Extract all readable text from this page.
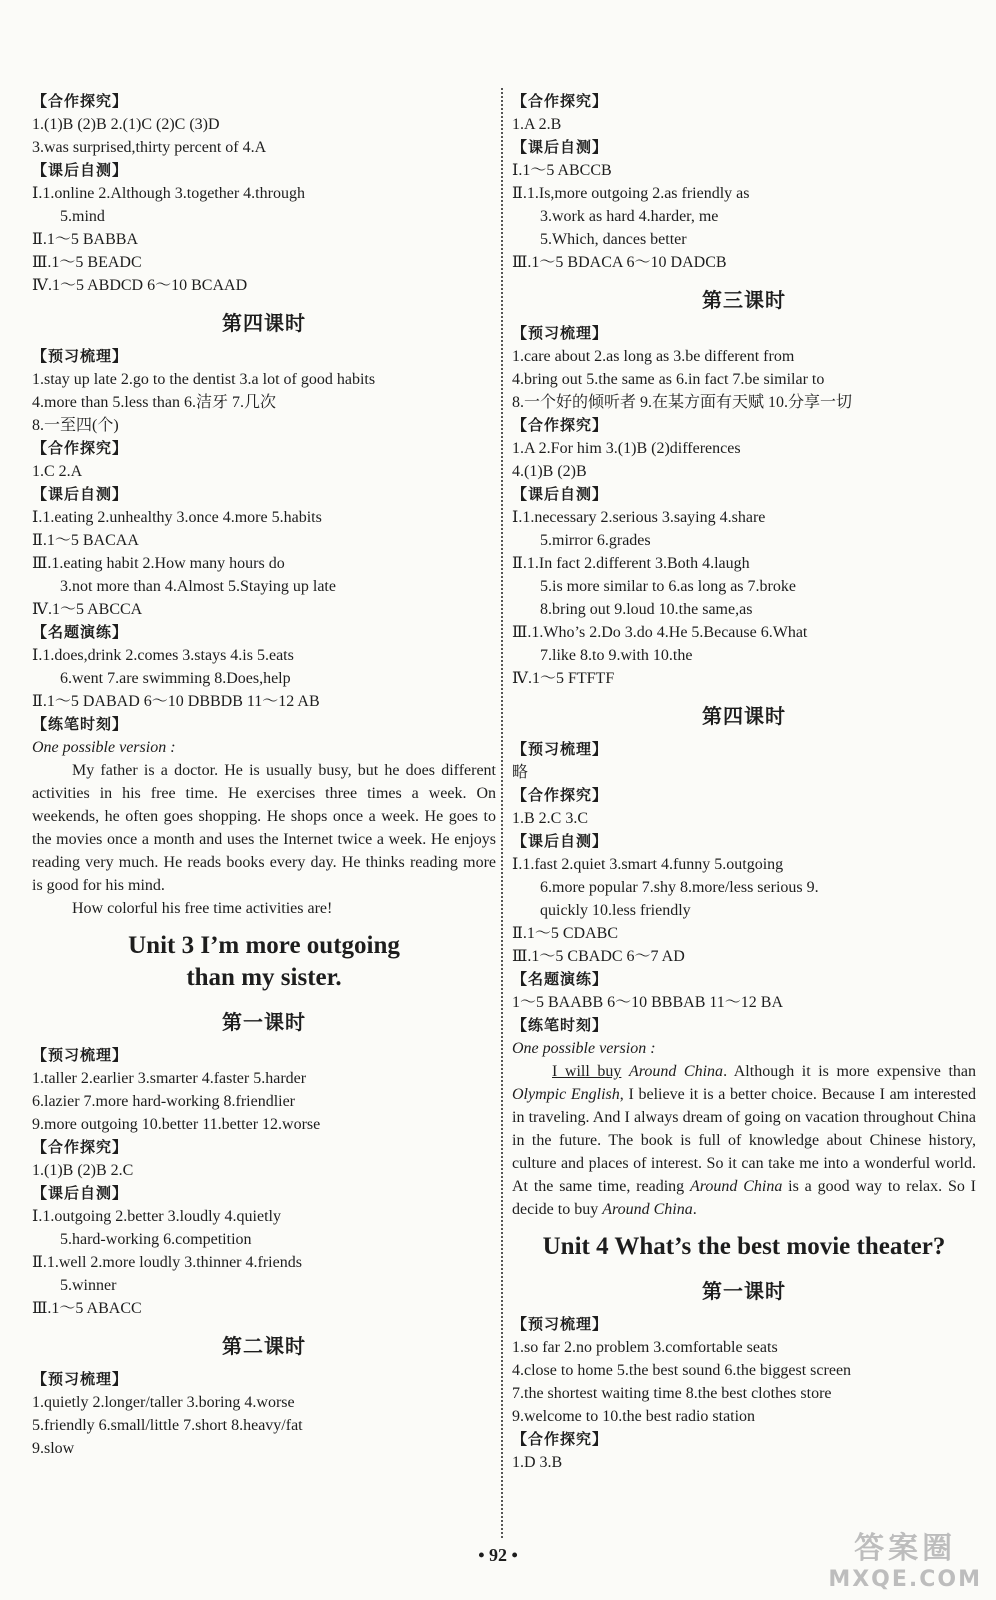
【合作探究】
1.(1)B (2)B 2.(1)C (2)C (3)D
3.was surprised,thirty percent of 4.A
【课后自测】
Ⅰ.1.online 2.Although 3.together 4.through
5.mind
Ⅱ.1～5 BABBA
Ⅲ.1～5 BEADC
Ⅳ.1～5 ABDCD 6～10 BCAAD
第四课时
【预习梳理】
1.stay up late 2.go to the dentist 3.a lot of good habits
4.more than 5.less than 6.洁牙 7.几次
8.一至四(个)
【合作探究】
1.C 2.A
【课后自测】
Ⅰ.1.eating 2.unhealthy 3.once 4.more 5.habits
Ⅱ.1～5 BACAA
Ⅲ.1.eating habit 2.How many hours do
3.not more than 4.Almost 5.Staying up late
Ⅳ.1～5 ABCCA
【名题演练】
Ⅰ.1.does,drink 2.comes 3.stays 4.is 5.eats
6.went 7.are swimming 8.Does,help
Ⅱ.1～5 DABAD 6～10 DBBDB 11～12 AB
【练笔时刻】
One possible version :
My father is a doctor. He is usually busy, but he does different activities in his free time. He exercises three times a week. On weekends, he often goes shopping. He shops once a week. He goes to the movies once a month and uses the Internet twice a week. He enjoys reading very much. He reads books every day. He thinks reading more is good for his mind.
How colorful his free time activities are!
Unit 3 I’m more outgoing
than my sister.
第一课时
【预习梳理】
1.taller 2.earlier 3.smarter 4.faster 5.harder
6.lazier 7.more hard-working 8.friendlier
9.more outgoing 10.better 11.better 12.worse
【合作探究】
1.(1)B (2)B 2.C
【课后自测】
Ⅰ.1.outgoing 2.better 3.loudly 4.quietly
5.hard-working 6.competition
Ⅱ.1.well 2.more loudly 3.thinner 4.friends
5.winner
Ⅲ.1～5 ABACC
第二课时
【预习梳理】
1.quietly 2.longer/taller 3.boring 4.worse
5.friendly 6.small/little 7.short 8.heavy/fat
9.slow
【合作探究】
1.A 2.B
【课后自测】
Ⅰ.1～5 ABCCB
Ⅱ.1.Is,more outgoing 2.as friendly as
3.work as hard 4.harder, me
5.Which, dances better
Ⅲ.1～5 BDACA 6～10 DADCB
第三课时
【预习梳理】
1.care about 2.as long as 3.be different from
4.bring out 5.the same as 6.in fact 7.be similar to
8.一个好的倾听者 9.在某方面有天赋 10.分享一切
【合作探究】
1.A 2.For him 3.(1)B (2)differences
4.(1)B (2)B
【课后自测】
Ⅰ.1.necessary 2.serious 3.saying 4.share
5.mirror 6.grades
Ⅱ.1.In fact 2.different 3.Both 4.laugh
5.is more similar to 6.as long as 7.broke
8.bring out 9.loud 10.the same,as
Ⅲ.1.Who’s 2.Do 3.do 4.He 5.Because 6.What
7.like 8.to 9.with 10.the
Ⅳ.1～5 FTFTF
第四课时
【预习梳理】
略
【合作探究】
1.B 2.C 3.C
【课后自测】
Ⅰ.1.fast 2.quiet 3.smart 4.funny 5.outgoing
6.more popular 7.shy 8.more/less serious 9.
quickly 10.less friendly
Ⅱ.1～5 CDABC
Ⅲ.1～5 CBADC 6～7 AD
【名题演练】
1～5 BAABB 6～10 BBBAB 11～12 BA
【练笔时刻】
One possible version :
I will buy Around China. Although it is more expensive than Olympic English, I believe it is a better choice. Because I am interested in traveling. And I always dream of going on vacation throughout China in the future. The book is full of knowledge about Chinese history, culture and places of interest. So it can take me into a wonderful world. At the same time, reading Around China is a good way to relax. So I decide to buy Around China.
Unit 4 What’s the best movie theater?
第一课时
【预习梳理】
1.so far 2.no problem 3.comfortable seats
4.close to home 5.the best sound 6.the biggest screen
7.the shortest waiting time 8.the best clothes store
9.welcome to 10.the best radio station
【合作探究】
1.D 3.B
• 92 •	答案圈
MXQE.COM
